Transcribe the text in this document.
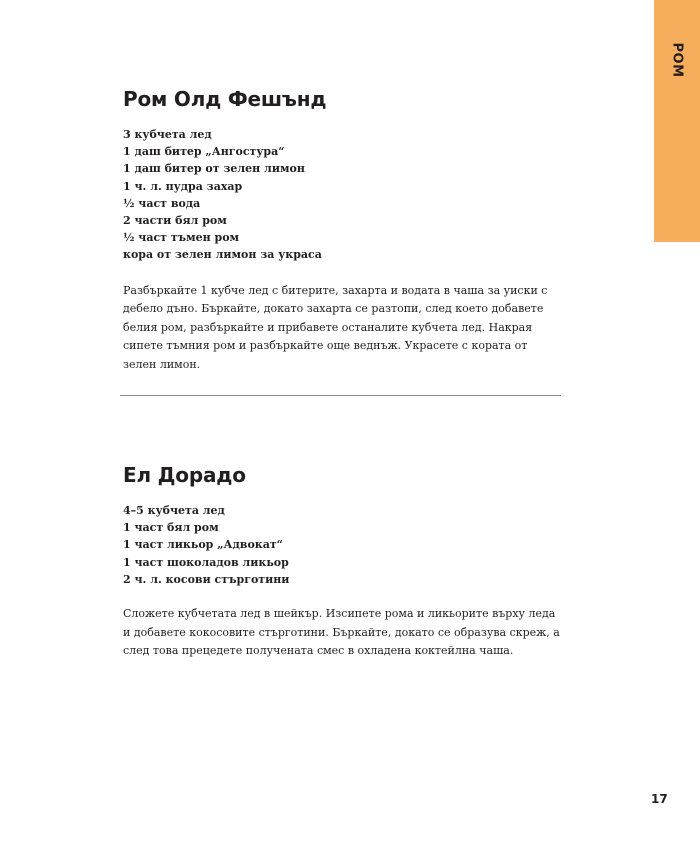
РОМ
Ром Олд Фешънд
3 кубчета лед
1 даш битер „Ангостура“
1 даш битер от зелен лимон
1 ч. л. пудра захар
½ част вода
2 части бял ром
½ част тъмен ром
кора от зелен лимон за украса

Разбъркайте 1 кубче лед с битерите, захарта и водата в чаша за уиски с дебело дъно. Бъркайте, докато захарта се разтопи, след което добавете белия ром, разбъркайте и прибавете останалите кубчета лед. Накрая сипете тъмния ром и разбъркайте още веднъж. Украсете с кората от зелен лимон.

Ел Дорадо
4–5 кубчета лед
1 част бял ром
1 част ликьор „Адвокат“
1 част шоколадов ликьор
2 ч. л. косови стърготини

Сложете кубчетата лед в шейкър. Изсипете рома и ликьорите върху леда и добавете кокосовите стърготини. Бъркайте, докато се образува скреж, а след това прецедете получената смес в охладена коктейлна чаша.

17
